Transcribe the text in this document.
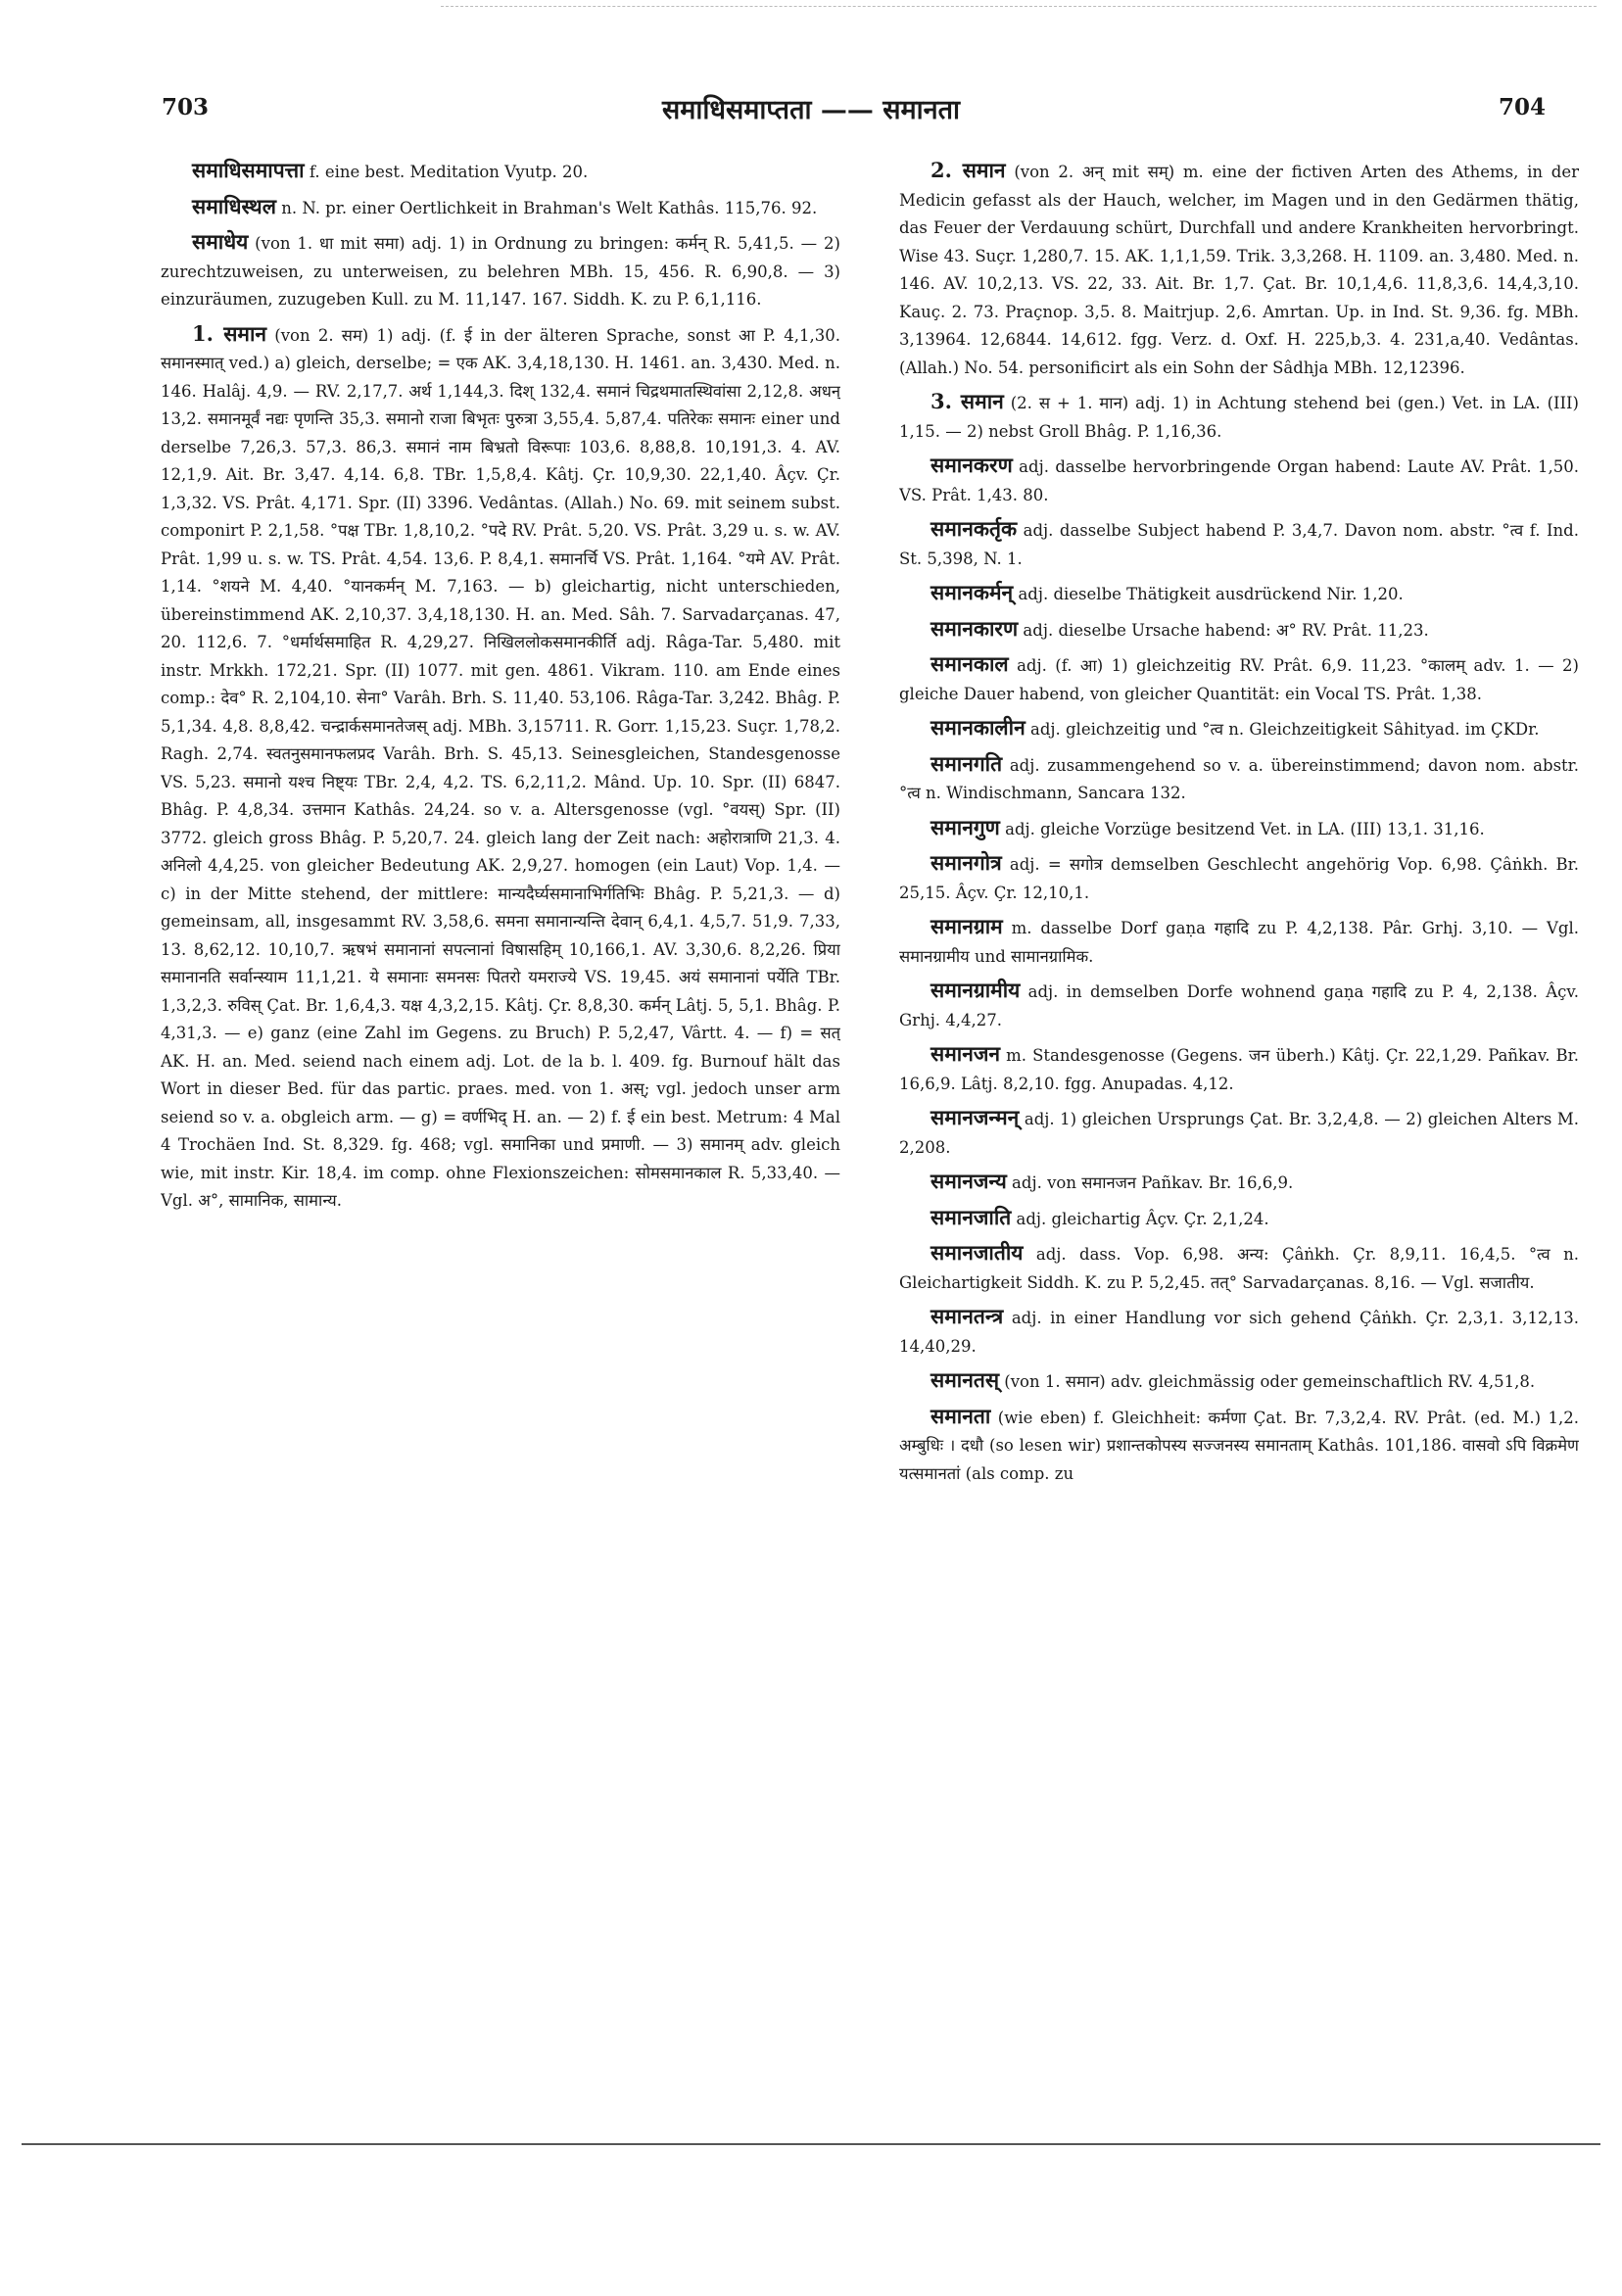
703	समाधिसमाप्तता —— समानता	704

समाधिसमापत्ता f. eine best. Meditation Vyutp. 20.

समाधिस्थल n. N. pr. einer Oertlichkeit in Brahman's Welt Kathâs. 115,76. 92.

समाधेय (von 1. धा mit समा) adj. 1) in Ordnung zu bringen: कर्मन् R. 5,41,5. — 2) zurechtzuweisen, zu unterweisen, zu belehren MBh. 15, 456. R. 6,90,8. — 3) einzuräumen, zuzugeben Kull. zu M. 11,147. 167. Siddh. K. zu P. 6,1,116.

1. समान (von 2. सम) 1) adj. (f. ई in der älteren Sprache, sonst आ P. 4,1,30. समानस्मात् ved.) a) gleich, derselbe; = एक AK. 3,4,18,130. H. 1461. an. 3,430. Med. n. 146. Halâj. 4,9. — RV. 2,17,7. अर्थ 1,144,3. दिश् 132,4. समानं चिद्रथमातस्थिवांसा 2,12,8. अधन् 13,2. समानमूर्वं नद्यः पृणन्ति 35,3. समानो राजा बिभृतः पुरुत्रा 3,55,4. 5,87,4. पतिरेकः समानः einer und derselbe 7,26,3. 57,3. 86,3. समानं नाम बिभ्रतो विरूपाः 103,6. 8,88,8. 10,191,3. 4. AV. 12,1,9. Ait. Br. 3,47. 4,14. 6,8. TBr. 1,5,8,4. Kâtj. Çr. 10,9,30. 22,1,40. Âçv. Çr. 1,3,32. VS. Prât. 4,171. Spr. (II) 3396. Vedântas. (Allah.) No. 69. mit seinem subst. componirt P. 2,1,58. °पक्ष TBr. 1,8,10,2. °पदे RV. Prât. 5,20. VS. Prât. 3,29 u. s. w. AV. Prât. 1,99 u. s. w. TS. Prât. 4,54. 13,6. P. 8,4,1. समानर्चि VS. Prât. 1,164. °यमे AV. Prât. 1,14. °शयने M. 4,40. °यानकर्मन् M. 7,163. — b) gleichartig, nicht unterschieden, übereinstimmend AK. 2,10,37. 3,4,18,130. H. an. Med. Sâh. 7. Sarvadarçanas. 47, 20. 112,6. 7. °धर्मार्थसमाहित R. 4,29,27. निखिललोकसमानकीर्ति adj. Râga-Tar. 5,480. mit instr. Mrkkh. 172,21. Spr. (II) 1077. mit gen. 4861. Vikram. 110. am Ende eines comp.: देव° R. 2,104,10. सेना° Varâh. Brh. S. 11,40. 53,106. Râga-Tar. 3,242. Bhâg. P. 5,1,34. 4,8. 8,8,42. चन्द्रार्कसमानतेजस् adj. MBh. 3,15711. R. Gorr. 1,15,23. Suçr. 1,78,2. Ragh. 2,74. स्वतनुसमानफलप्रद Varâh. Brh. S. 45,13. Seinesgleichen, Standesgenosse VS. 5,23. समानो यश्च निष्ट्यः TBr. 2,4, 4,2. TS. 6,2,11,2. Mând. Up. 10. Spr. (II) 6847. Bhâg. P. 4,8,34. उत्तमान Kathâs. 24,24. so v. a. Altersgenosse (vgl. °वयस्) Spr. (II) 3772. gleich gross Bhâg. P. 5,20,7. 24. gleich lang der Zeit nach: अहोरात्राणि 21,3. 4. अनिलो 4,4,25. von gleicher Bedeutung AK. 2,9,27. homogen (ein Laut) Vop. 1,4. — c) in der Mitte stehend, der mittlere: मान्यदैर्घ्यसमानाभिर्गतिभिः Bhâg. P. 5,21,3. — d) gemeinsam, all, insgesammt RV. 3,58,6. समना समानान्यन्ति देवान् 6,4,1. 4,5,7. 51,9. 7,33, 13. 8,62,12. 10,10,7. ऋषभं समानानां सपत्नानां विषासहिम् 10,166,1. AV. 3,30,6. 8,2,26. प्रिया समानानति सर्वान्स्याम 11,1,21. ये समानाः समनसः पितरो यमराज्ये VS. 19,45. अयं समानानां पर्येति TBr. 1,3,2,3. रुविस् Çat. Br. 1,6,4,3. यक्ष 4,3,2,15. Kâtj. Çr. 8,8,30. कर्मन् Lâtj. 5, 5,1. Bhâg. P. 4,31,3. — e) ganz (eine Zahl im Gegens. zu Bruch) P. 5,2,47, Vârtt. 4. — f) = सत् AK. H. an. Med. seiend nach einem adj. Lot. de la b. l. 409. fg. Burnouf hält das Wort in dieser Bed. für das partic. praes. med. von 1. अस्; vgl. jedoch unser arm seiend so v. a. obgleich arm. — g) = वर्णभिद् H. an. — 2) f. ई ein best. Metrum: 4 Mal 4 Trochäen Ind. St. 8,329. fg. 468; vgl. समानिका und प्रमाणी. — 3) समानम् adv. gleich wie, mit instr. Kir. 18,4. im comp. ohne Flexionszeichen: सोमसमानकाल R. 5,33,40. — Vgl. अ°, सामानिक, सामान्य.

2. समान (von 2. अन् mit सम्) m. eine der fictiven Arten des Athems, in der Medicin gefasst als der Hauch, welcher, im Magen und in den Gedärmen thätig, das Feuer der Verdauung schürt, Durchfall und andere Krankheiten hervorbringt. Wise 43. Suçr. 1,280,7. 15. AK. 1,1,1,59. Trik. 3,3,268. H. 1109. an. 3,480. Med. n. 146. AV. 10,2,13. VS. 22, 33. Ait. Br. 1,7. Çat. Br. 10,1,4,6. 11,8,3,6. 14,4,3,10. Kauç. 2. 73. Praçnop. 3,5. 8. Maitrjup. 2,6. Amrtan. Up. in Ind. St. 9,36. fg. MBh. 3,13964. 12,6844. 14,612. fgg. Verz. d. Oxf. H. 225,b,3. 4. 231,a,40. Vedântas. (Allah.) No. 54. personificirt als ein Sohn der Sâdhja MBh. 12,12396.

3. समान (2. स + 1. मान) adj. 1) in Achtung stehend bei (gen.) Vet. in LA. (III) 1,15. — 2) nebst Groll Bhâg. P. 1,16,36.

समानकरण adj. dasselbe hervorbringende Organ habend: Laute AV. Prât. 1,50. VS. Prât. 1,43. 80.

समानकर्तृक adj. dasselbe Subject habend P. 3,4,7. Davon nom. abstr. °त्व f. Ind. St. 5,398, N. 1.

समानकर्मन् adj. dieselbe Thätigkeit ausdrückend Nir. 1,20.

समानकारण adj. dieselbe Ursache habend: अ° RV. Prât. 11,23.

समानकाल adj. (f. आ) 1) gleichzeitig RV. Prât. 6,9. 11,23. °कालम् adv. 1. — 2) gleiche Dauer habend, von gleicher Quantität: ein Vocal TS. Prât. 1,38.

समानकालीन adj. gleichzeitig und °त्व n. Gleichzeitigkeit Sâhityad. im ÇKDr.

समानगति adj. zusammengehend so v. a. übereinstimmend; davon nom. abstr. °त्व n. Windischmann, Sancara 132.

समानगुण adj. gleiche Vorzüge besitzend Vet. in LA. (III) 13,1. 31,16.

समानगोत्र adj. = सगोत्र demselben Geschlecht angehörig Vop. 6,98. Çâṅkh. Br. 25,15. Âçv. Çr. 12,10,1.

समानग्राम m. dasselbe Dorf gaṇa गहादि zu P. 4,2,138. Pâr. Grhj. 3,10. — Vgl. समानग्रामीय und सामानग्रामिक.

समानग्रामीय adj. in demselben Dorfe wohnend gaṇa गहादि zu P. 4, 2,138. Âçv. Grhj. 4,4,27.

समानजन m. Standesgenosse (Gegens. जन überh.) Kâtj. Çr. 22,1,29. Pañkav. Br. 16,6,9. Lâtj. 8,2,10. fgg. Anupadas. 4,12.

समानजन्मन् adj. 1) gleichen Ursprungs Çat. Br. 3,2,4,8. — 2) gleichen Alters M. 2,208.

समानजन्य adj. von समानजन Pañkav. Br. 16,6,9.

समानजाति adj. gleichartig Âçv. Çr. 2,1,24.

समानजातीय adj. dass. Vop. 6,98. अन्य: Çâṅkh. Çr. 8,9,11. 16,4,5. °त्व n. Gleichartigkeit Siddh. K. zu P. 5,2,45. तत्° Sarvadarçanas. 8,16. — Vgl. सजातीय.

समानतन्त्र adj. in einer Handlung vor sich gehend Çâṅkh. Çr. 2,3,1. 3,12,13. 14,40,29.

समानतस् (von 1. समान) adv. gleichmässig oder gemeinschaftlich RV. 4,51,8.

समानता (wie eben) f. Gleichheit: कर्मणा Çat. Br. 7,3,2,4. RV. Prât. (ed. M.) 1,2. अम्बुधिः । दधौ (so lesen wir) प्रशान्तकोपस्य सज्जनस्य समानताम् Kathâs. 101,186. वासवो ऽपि विक्रमेण यत्समानतां (als comp. zu
